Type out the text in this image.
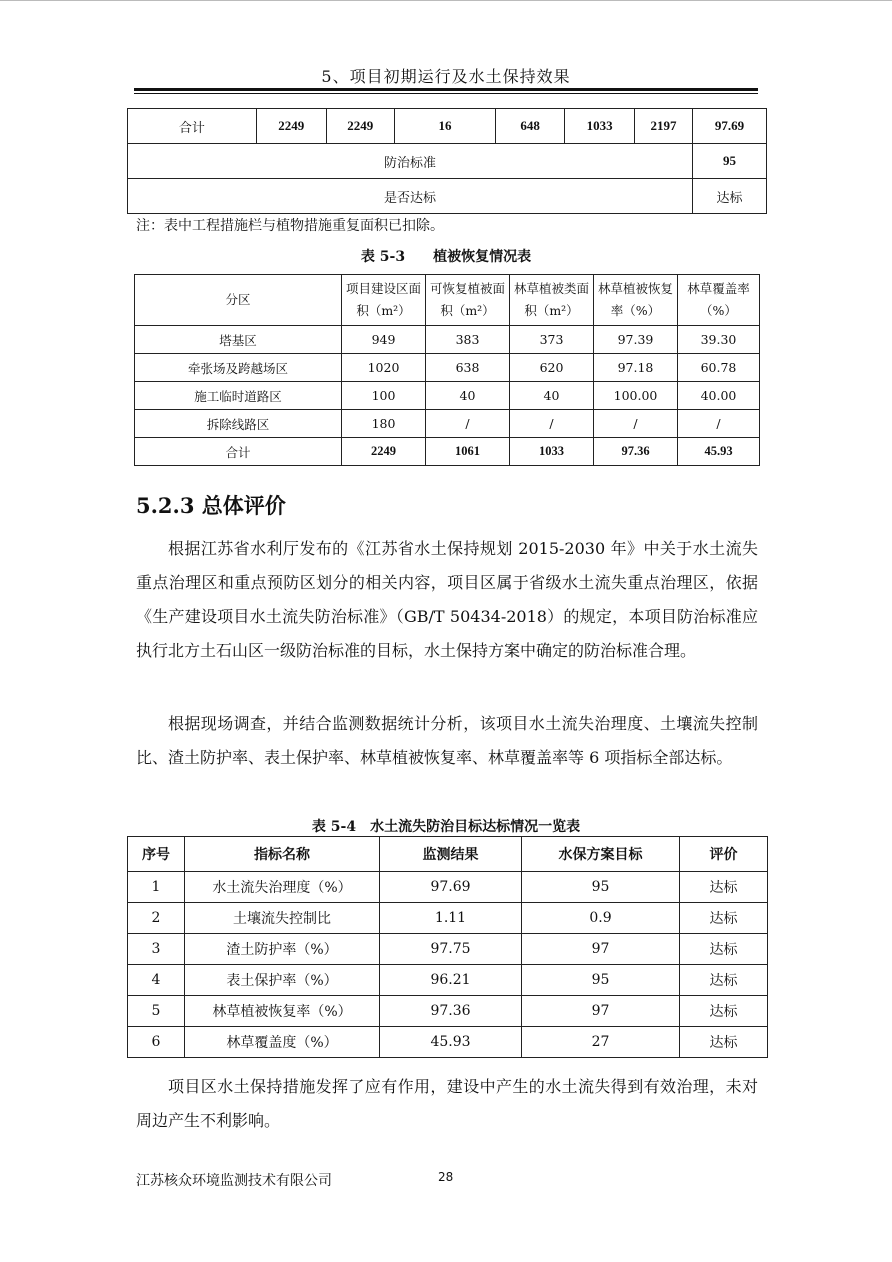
5、项目初期运行及水土保持效果
合计	2249	2249	16	648	1033	2197	97.69
防治标准							95
是否达标							达标
注：表中工程措施栏与植物措施重复面积已扣除。
表 5-3　　植被恢复情况表
分区	项目建设区面积（m²）	可恢复植被面积（m²）	林草植被类面积（m²）	林草植被恢复率（%）	林草覆盖率（%）
塔基区	949	383	373	97.39	39.30
牵张场及跨越场区	1020	638	620	97.18	60.78
施工临时道路区	100	40	40	100.00	40.00
拆除线路区	180	/	/	/	/
合计	2249	1061	1033	97.36	45.93
5.2.3 总体评价
根据江苏省水利厅发布的《江苏省水土保持规划 2015-2030 年》中关于水土流失重点治理区和重点预防区划分的相关内容，项目区属于省级水土流失重点治理区，依据《生产建设项目水土流失防治标准》（GB/T 50434-2018）的规定，本项目防治标准应执行北方土石山区一级防治标准的目标，水土保持方案中确定的防治标准合理。
根据现场调查，并结合监测数据统计分析，该项目水土流失治理度、土壤流失控制比、渣土防护率、表土保护率、林草植被恢复率、林草覆盖率等 6 项指标全部达标。
表 5-4　水土流失防治目标达标情况一览表
序号	指标名称	监测结果	水保方案目标	评价
1	水土流失治理度（%）	97.69	95	达标
2	土壤流失控制比	1.11	0.9	达标
3	渣土防护率（%）	97.75	97	达标
4	表土保护率（%）	96.21	95	达标
5	林草植被恢复率（%）	97.36	97	达标
6	林草覆盖度（%）	45.93	27	达标
项目区水土保持措施发挥了应有作用，建设中产生的水土流失得到有效治理，未对周边产生不利影响。
江苏核众环境监测技术有限公司	28
